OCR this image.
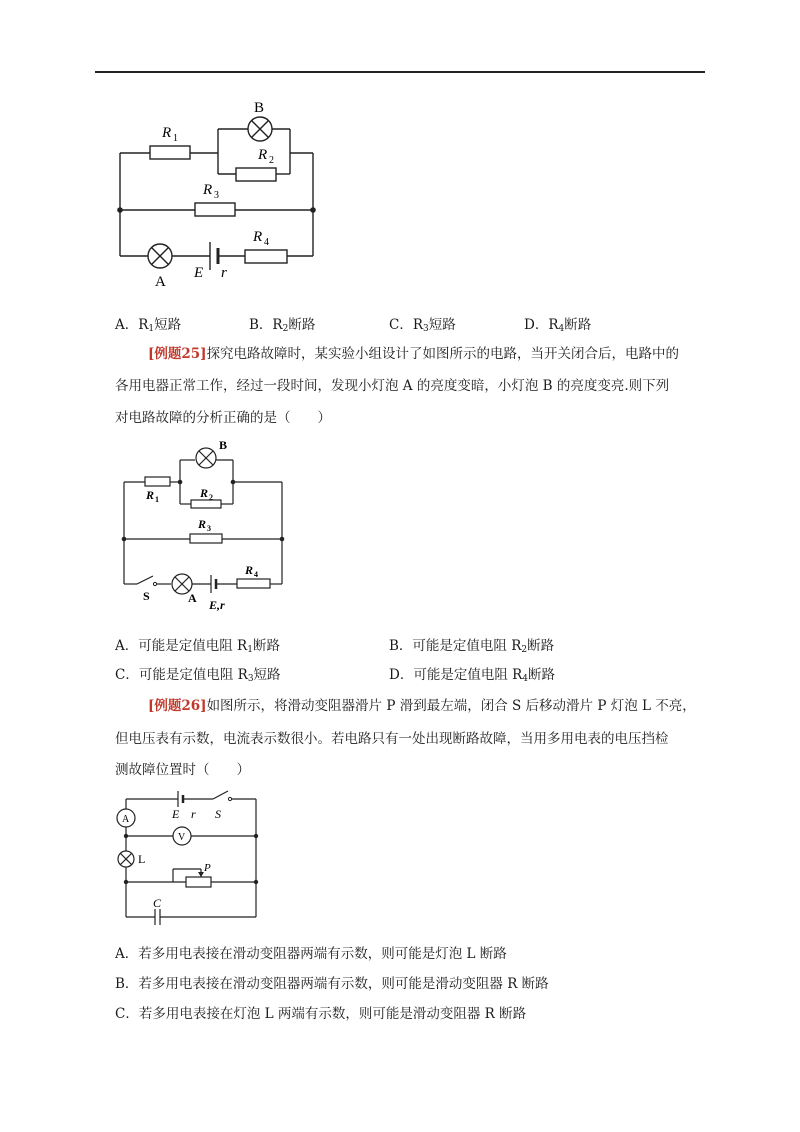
B
R 1
R 2
R 3
R 4
A
E r
A．$R_1$短路	B．$R_2$断路	C．$R_3$短路	D．$R_4$断路
[例题25]探究电路故障时，某实验小组设计了如图所示的电路，当开关闭合后，电路中的
各用电器正常工作，经过一段时间，发现小灯泡 A 的亮度变暗，小灯泡 B 的亮度变亮.则下列
对电路故障的分析正确的是（　　）
B
R 1	R 2
R 3
R 4
S	A E,r
A．可能是定值电阻 $R_1$断路	B．可能是定值电阻 $R_2$断路
C．可能是定值电阻 $R_3$短路	D．可能是定值电阻 $R_4$断路
[例题26]如图所示，将滑动变阻器滑片 P 滑到最左端，闭合 S 后移动滑片 P 灯泡 L 不亮，
但电压表有示数，电流表示数很小。若电路只有一处出现断路故障，当用多用电表的电压挡检
测故障位置时（　　）
E r S
A
V
L
P
C
A．若多用电表接在滑动变阻器两端有示数，则可能是灯泡 L 断路
B．若多用电表接在滑动变阻器两端有示数，则可能是滑动变阻器 R 断路
C．若多用电表接在灯泡 L 两端有示数，则可能是滑动变阻器 R 断路
